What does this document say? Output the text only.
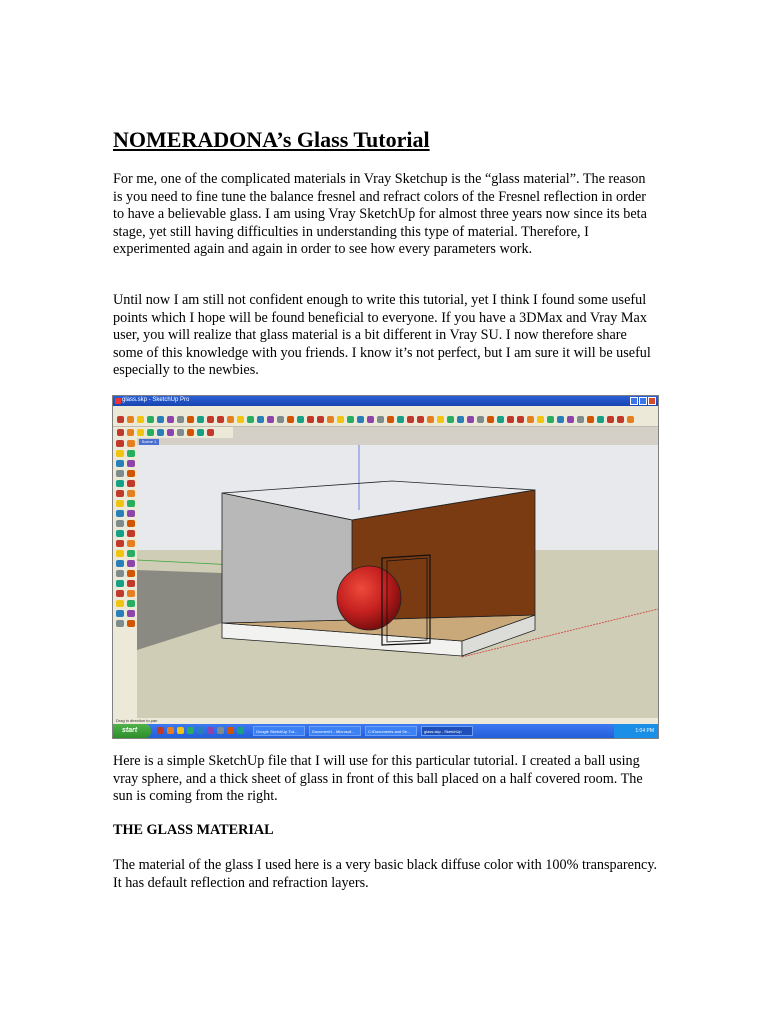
NOMERADONA’s Glass Tutorial

For me, one of the complicated materials in Vray Sketchup is the “glass material”. The reason is you need to fine tune the balance fresnel and refract colors of the Fresnel reflection in order to have a believable glass. I am using Vray SketchUp for almost three years now since its beta stage, yet still having difficulties in understanding this type of material. Therefore, I experimented again and again in order to see how every parameters work.

Until now I am still not confident enough to write this tutorial, yet I think I found some useful points which I hope will be found beneficial to everyone. If you have a 3DMax and Vray Max user, you will realize that glass material is a bit different in Vray SU. I now therefore share some of this knowledge with you friends. I know it’s not perfect, but I am sure it will be useful especially to the newbies.

glass.skp - SketchUp Pro

Scene 1
Drag in direction to pan
start	Google SketchUp Tut...	Document1 - Microsof...	C:\Documents and Se...	glass.skp - SketchUp	1:04 PM

Here is a simple SketchUp file that I will use for this particular tutorial. I created a ball using vray sphere, and a thick sheet of glass in front of this ball placed on a half covered room. The sun is coming from the right.

THE GLASS MATERIAL

The material of the glass I used here is a very basic black diffuse color with 100% transparency. It has default reflection and refraction layers.
